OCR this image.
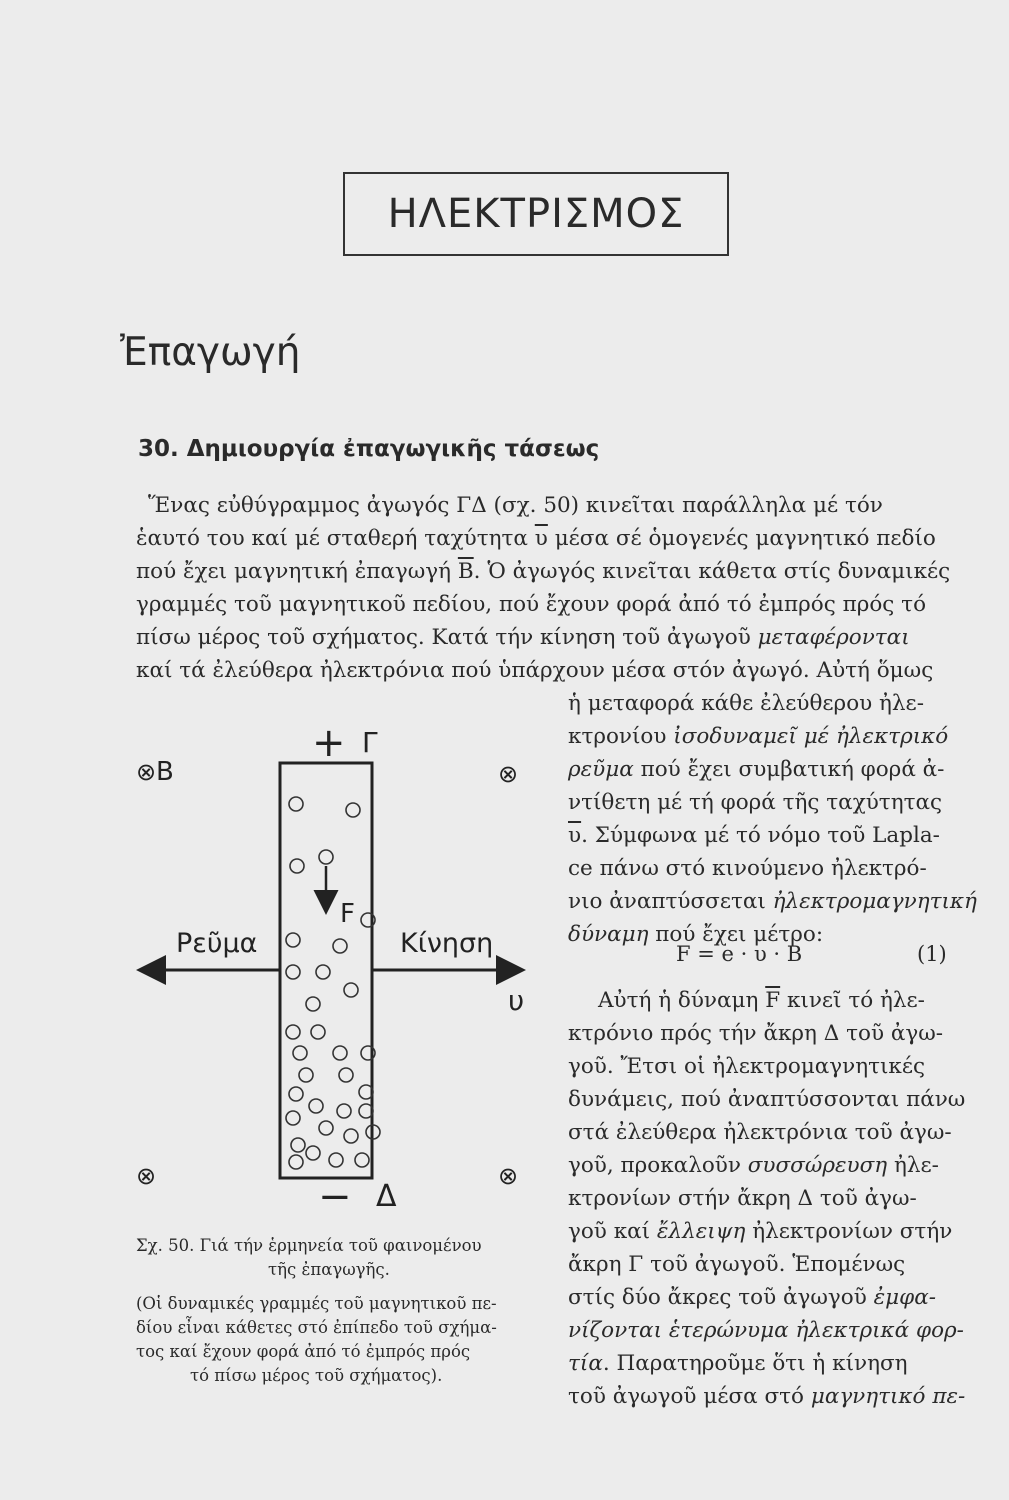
ΗΛΕΚΤΡΙΣΜΟΣ
Ἐπαγωγή
30. Δημιουργία ἐπαγωγικῆς τάσεως
Ἕνας εὐθύγραμμος ἀγωγός ΓΔ (σχ. 50) κινεῖται παράλληλα μέ τόν
ἑαυτό του καί μέ σταθερή ταχύτητα $\overline{\upsilon}$ μέσα σέ ὁμογενές μαγνητικό πεδίο
πού ἔχει μαγνητική ἐπαγωγή $\overline{B}$. Ὁ ἀγωγός κινεῖται κάθετα στίς δυναμικές
γραμμές τοῦ μαγνητικοῦ πεδίου, πού ἔχουν φορά ἀπό τό ἐμπρός πρός τό
πίσω μέρος τοῦ σχήματος. Κατά τήν κίνηση τοῦ ἀγωγοῦ μεταφέρονται
καί τά ἐλεύθερα ἠλεκτρόνια πού ὑπάρχουν μέσα στόν ἀγωγό. Αὐτή ὅμως
ἡ μεταφορά κάθε ἐλεύθερου ἠλε-
κτρονίου ἰσοδυναμεῖ μέ ἠλεκτρικό
ρεῦμα πού ἔχει συμβατική φορά ἀ-
ντίθετη μέ τή φορά τῆς ταχύτητας
$\overline{\upsilon}$. Σύμφωνα μέ τό νόμο τοῦ Lapla-
ce πάνω στό κινούμενο ἠλεκτρό-
νιο ἀναπτύσσεται ἠλεκτρομαγνητική
δύναμη πού ἔχει μέτρο:
F = e · υ · B	(1)
Αὐτή ἡ δύναμη $\overline{F}$ κινεῖ τό ἠλε-
κτρόνιο πρός τήν ἄκρη Δ τοῦ ἀγω-
γοῦ. Ἔτσι οἱ ἠλεκτρομαγνητικές
δυνάμεις, πού ἀναπτύσσονται πάνω
στά ἐλεύθερα ἠλεκτρόνια τοῦ ἀγω-
γοῦ, προκαλοῦν συσσώρευση ἠλε-
κτρονίων στήν ἄκρη Δ τοῦ ἀγω-
γοῦ καί ἔλλειψη ἠλεκτρονίων στήν
ἄκρη Γ τοῦ ἀγωγοῦ. Ἑπομένως
στίς δύο ἄκρες τοῦ ἀγωγοῦ ἐμφα-
νίζονται ἑτερώνυμα ἠλεκτρικά φορ-
τία. Παρατηροῦμε ὅτι ἡ κίνηση
τοῦ ἀγωγοῦ μέσα στό μαγνητικό πε-
⊗ B
+ Γ
⊗
F
Ρεῦμα	Κίνηση
υ
⊗	⊗
− Δ
Σχ. 50. Γιά τήν ἑρμηνεία τοῦ φαινομένου
τῆς ἐπαγωγῆς.
(Οἱ δυναμικές γραμμές τοῦ μαγνητικοῦ πε-
δίου εἶναι κάθετες στό ἐπίπεδο τοῦ σχήμα-
τος καί ἔχουν φορά ἀπό τό ἐμπρός πρός
τό πίσω μέρος τοῦ σχήματος).
